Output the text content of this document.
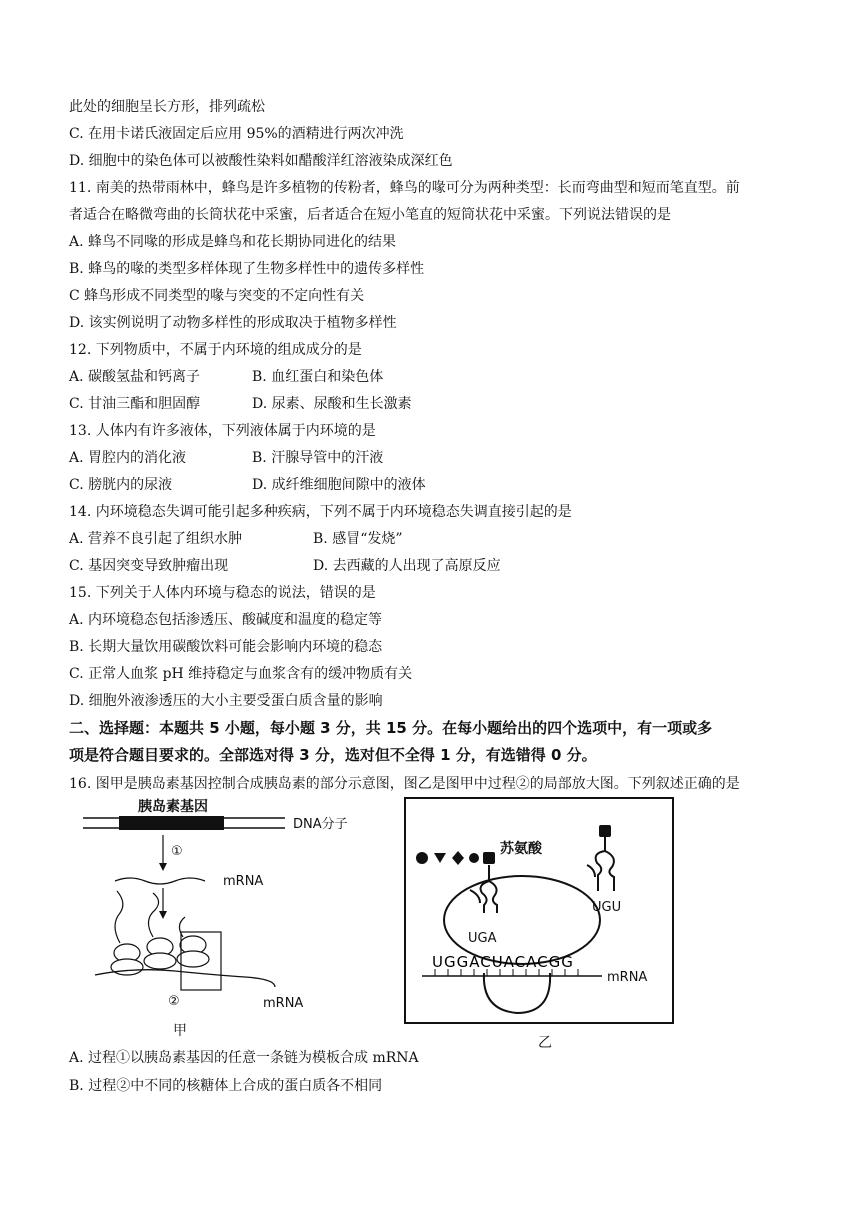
此处的细胞呈长方形，排列疏松
C. 在用卡诺氏液固定后应用 95%的酒精进行两次冲洗
D. 细胞中的染色体可以被酸性染料如醋酸洋红溶液染成深红色
11. 南美的热带雨林中，蜂鸟是许多植物的传粉者，蜂鸟的喙可分为两种类型：长而弯曲型和短而笔直型。前
者适合在略微弯曲的长筒状花中采蜜，后者适合在短小笔直的短筒状花中采蜜。下列说法错误的是
A. 蜂鸟不同喙的形成是蜂鸟和花长期协同进化的结果
B. 蜂鸟的喙的类型多样体现了生物多样性中的遗传多样性
C 蜂鸟形成不同类型的喙与突变的不定向性有关
D. 该实例说明了动物多样性的形成取决于植物多样性
12. 下列物质中，不属于内环境的组成成分的是
A. 碳酸氢盐和钙离子	B. 血红蛋白和染色体
C. 甘油三酯和胆固醇	D. 尿素、尿酸和生长激素
13. 人体内有许多液体，下列液体属于内环境的是
A. 胃腔内的消化液	B. 汗腺导管中的汗液
C. 膀胱内的尿液	D. 成纤维细胞间隙中的液体
14. 内环境稳态失调可能引起多种疾病，下列不属于内环境稳态失调直接引起的是
A. 营养不良引起了组织水肿	B. 感冒“发烧”
C. 基因突变导致肿瘤出现	D. 去西藏的人出现了高原反应
15. 下列关于人体内环境与稳态的说法，错误的是
A. 内环境稳态包括渗透压、酸碱度和温度的稳定等
B. 长期大量饮用碳酸饮料可能会影响内环境的稳态
C. 正常人血浆 pH 维持稳定与血浆含有的缓冲物质有关
D. 细胞外液渗透压的大小主要受蛋白质含量的影响
二、选择题：本题共 5 小题，每小题 3 分，共 15 分。在每小题给出的四个选项中，有一项或多
项是符合题目要求的。全部选对得 3 分，选对但不全得 1 分，有选错得 0 分。
16. 图甲是胰岛素基因控制合成胰岛素的部分示意图，图乙是图甲中过程②的局部放大图。下列叙述正确的是
胰岛素基因
DNA分子
①
mRNA
②	mRNA
甲
苏氨酸
UGA
UGGACUACACGG
mRNA
UGU
乙
A. 过程①以胰岛素基因的任意一条链为模板合成 mRNA
B. 过程②中不同的核糖体上合成的蛋白质各不相同
